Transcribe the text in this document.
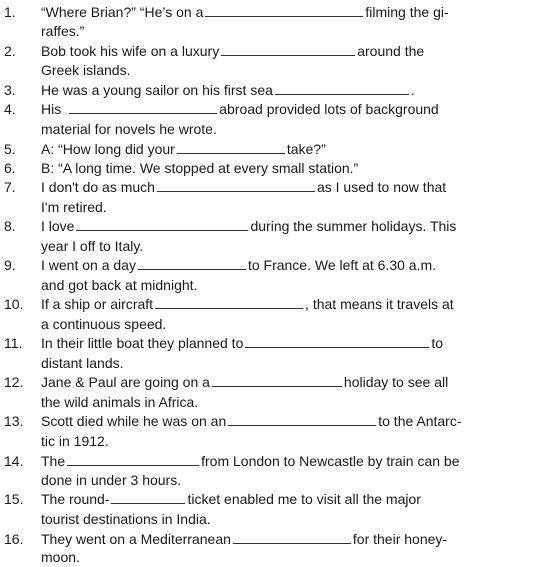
1.	“Where Brian?” “He’s on a	filming the gi-
raffes.”
2.	Bob took his wife on a luxury	around the
Greek islands.
3.	He was a young sailor on his first sea	.
4.	His	abroad provided lots of background
material for novels he wrote.
5.	A: “How long did your	take?”
6.	B: “A long time. We stopped at every small station.”
7.	I don't do as much	as I used to now that
I'm retired.
8.	I love	during the summer holidays. This
year I off to Italy.
9.	I went on a day	to France. We left at 6.30 a.m.
and got back at midnight.
10.	If a ship or aircraft	, that means it travels at
a continuous speed.
11.	In their little boat they planned to	to
distant lands.
12.	Jane & Paul are going on a	holiday to see all
the wild animals in Africa.
13.	Scott died while he was on an	to the Antarc-
tic in 1912.
14.	The	from London to Newcastle by train can be
done in under 3 hours.
15.	The round-	ticket enabled me to visit all the major
tourist destinations in India.
16.	They went on a Mediterranean	for their honey-
moon.
